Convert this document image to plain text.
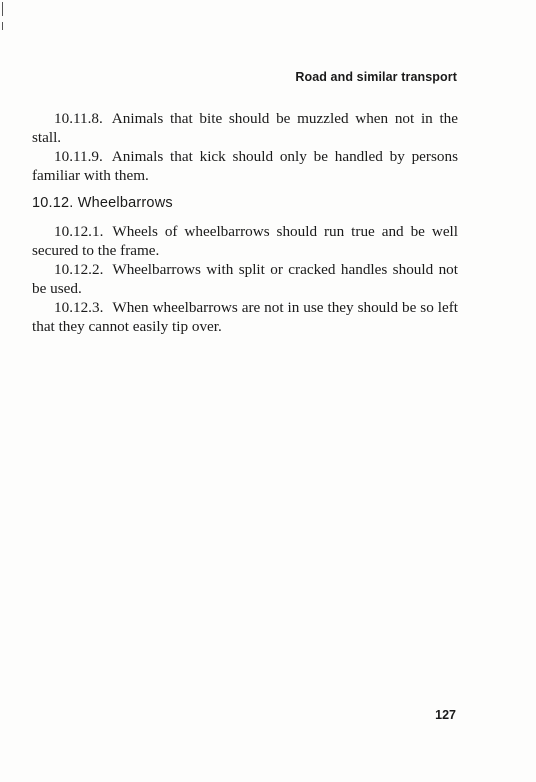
Road and similar transport

10.11.8. Animals that bite should be muzzled when not in the stall.

10.11.9. Animals that kick should only be handled by persons familiar with them.

10.12. Wheelbarrows

10.12.1. Wheels of wheelbarrows should run true and be well secured to the frame.

10.12.2. Wheelbarrows with split or cracked handles should not be used.

10.12.3. When wheelbarrows are not in use they should be so left that they cannot easily tip over.

127
